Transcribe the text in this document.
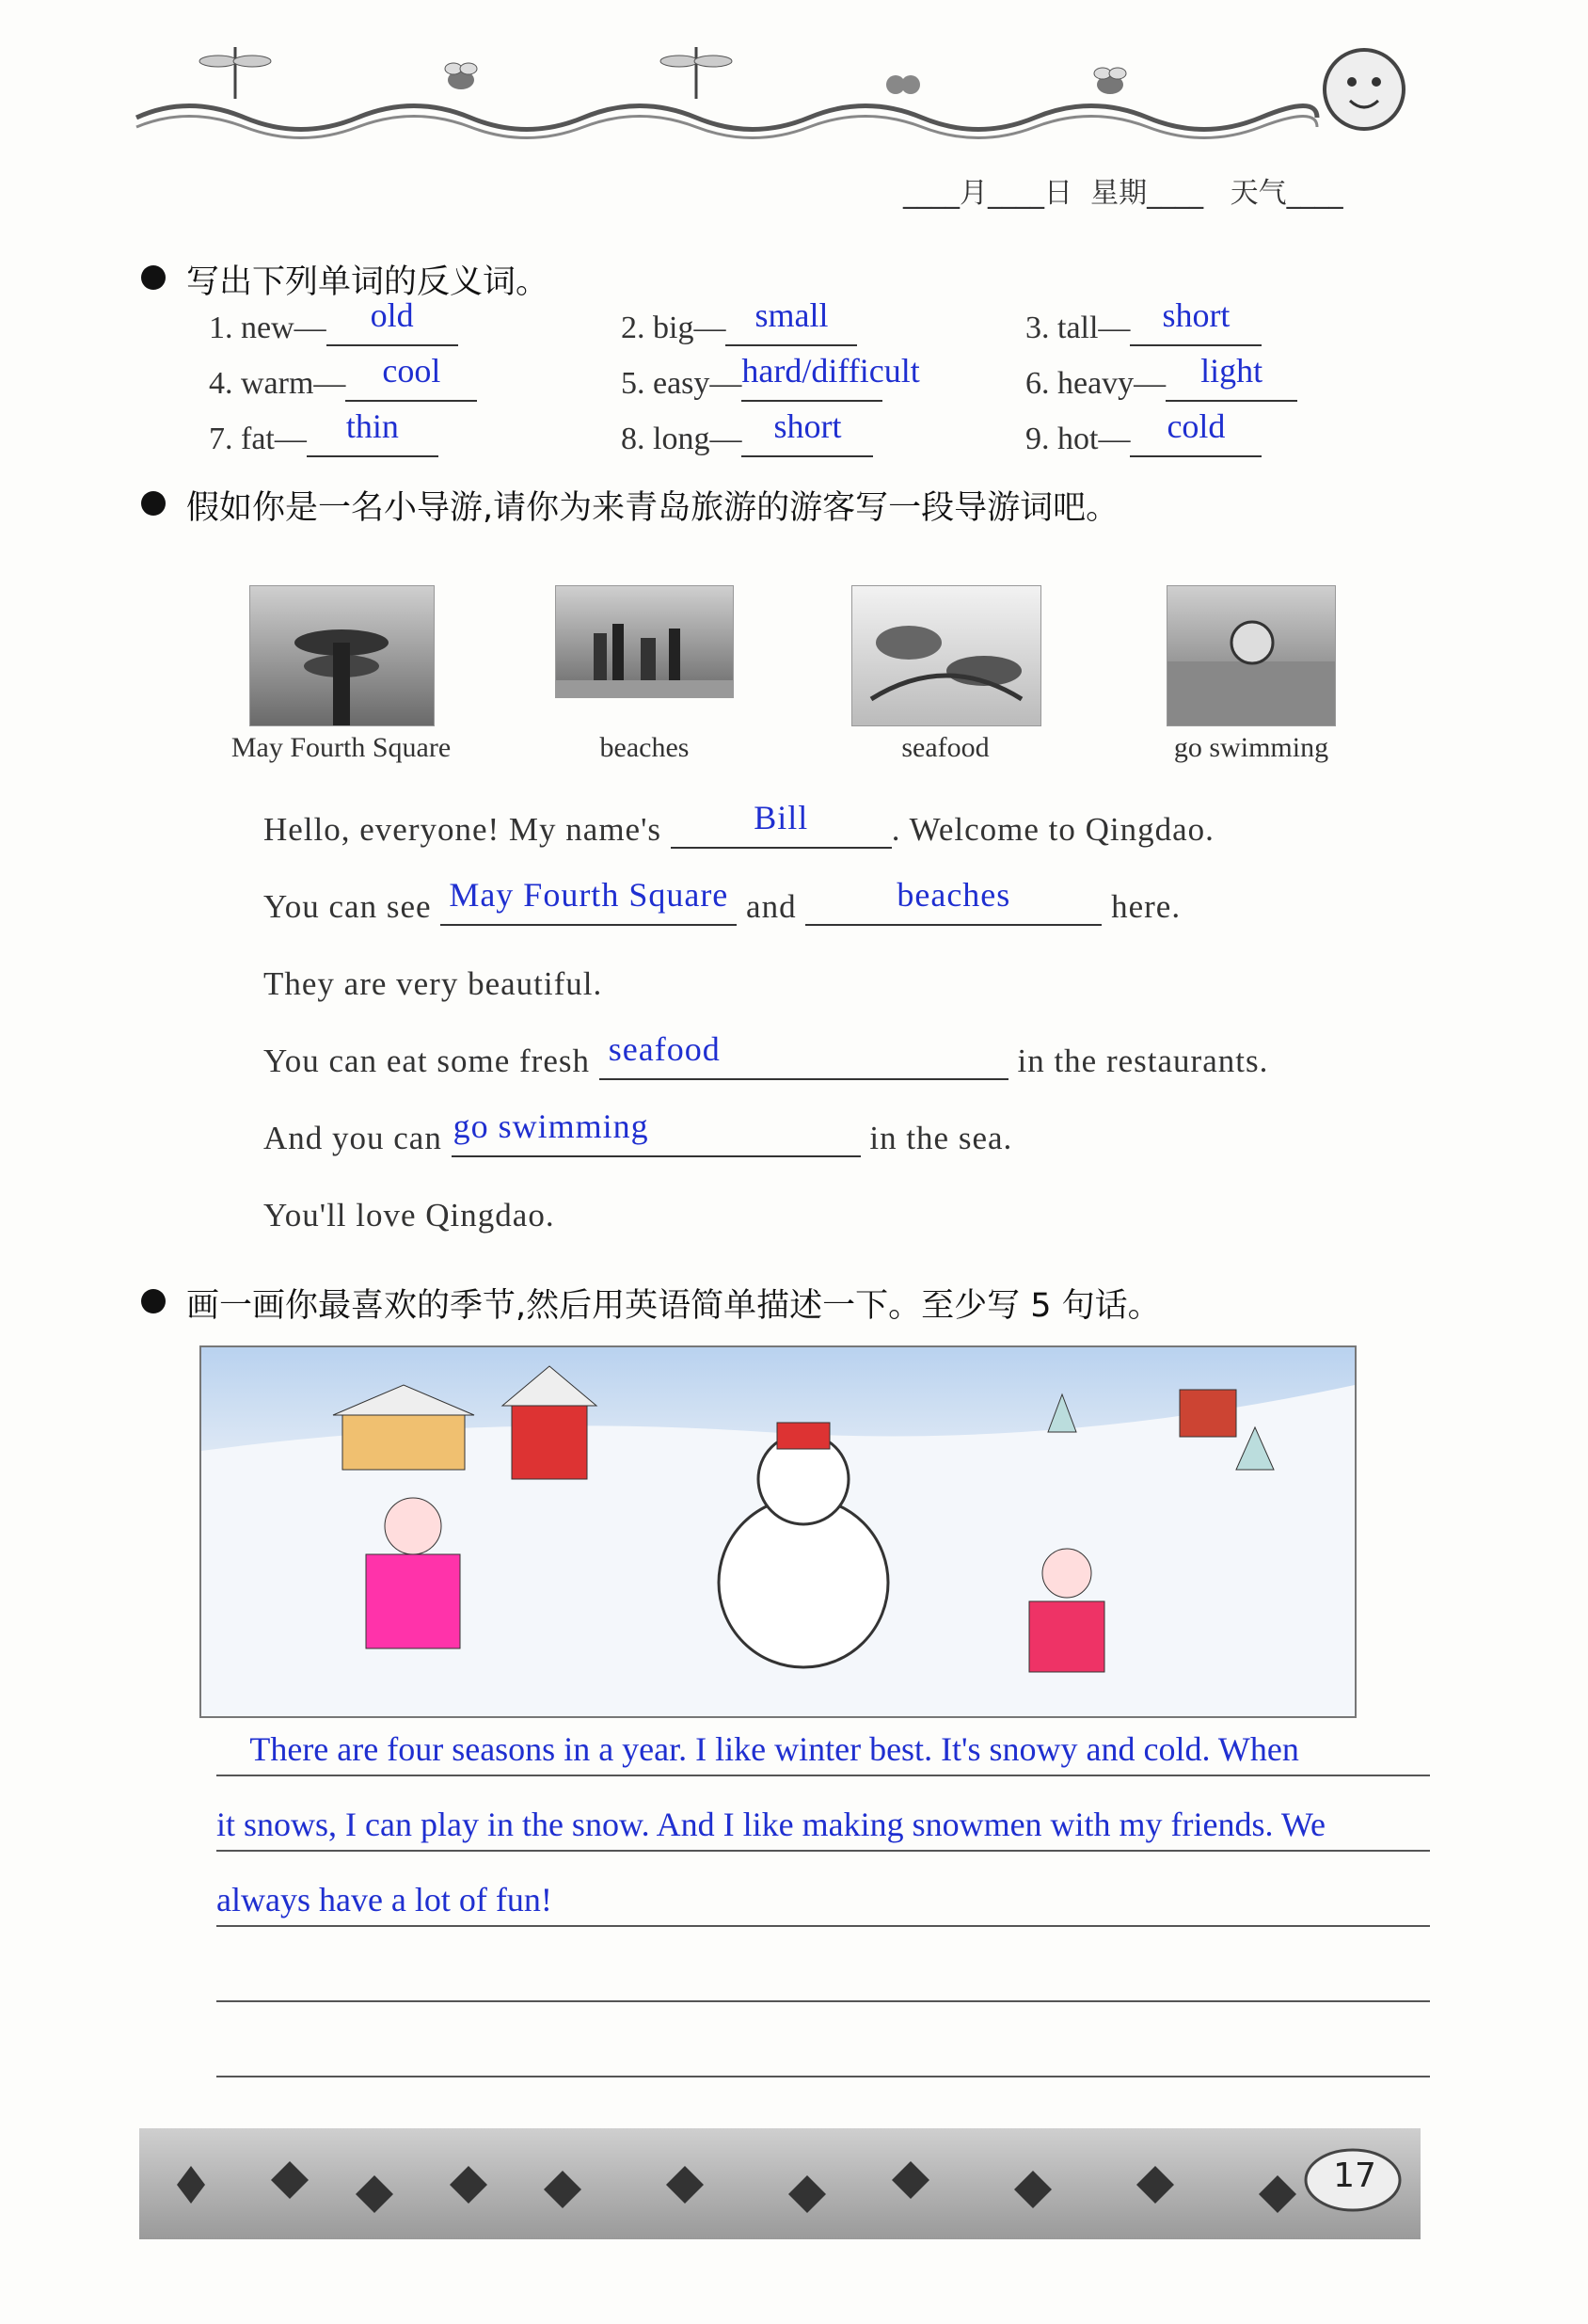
____月____日  星期____   天气____
写出下列单词的反义词。
1. new—	old	2. big— small	3. tall— short
4. warm—	cool	5. easy— hard/difficult	6. heavy—	light
7. fat—	thin	8. long— short	9. hot—	cold
假如你是一名小导游,请你为来青岛旅游的游客写一段导游词吧。
May Fourth Square	beaches	seafood	go swimming
Hello, everyone! My name's	Bill	. Welcome to Qingdao.
You can see May Fourth Square and	beaches	here.
They are very beautiful.
You can eat some fresh seafood	in the restaurants.
And you can go swimming	in the sea.
You'll love Qingdao.
画一画你最喜欢的季节,然后用英语简单描述一下。至少写 5 句话。
There are four seasons in a year. I like winter best. It's snowy and cold. When
it snows, I can play in the snow. And I like making snowmen with my friends. We
always have a lot of fun!
17
